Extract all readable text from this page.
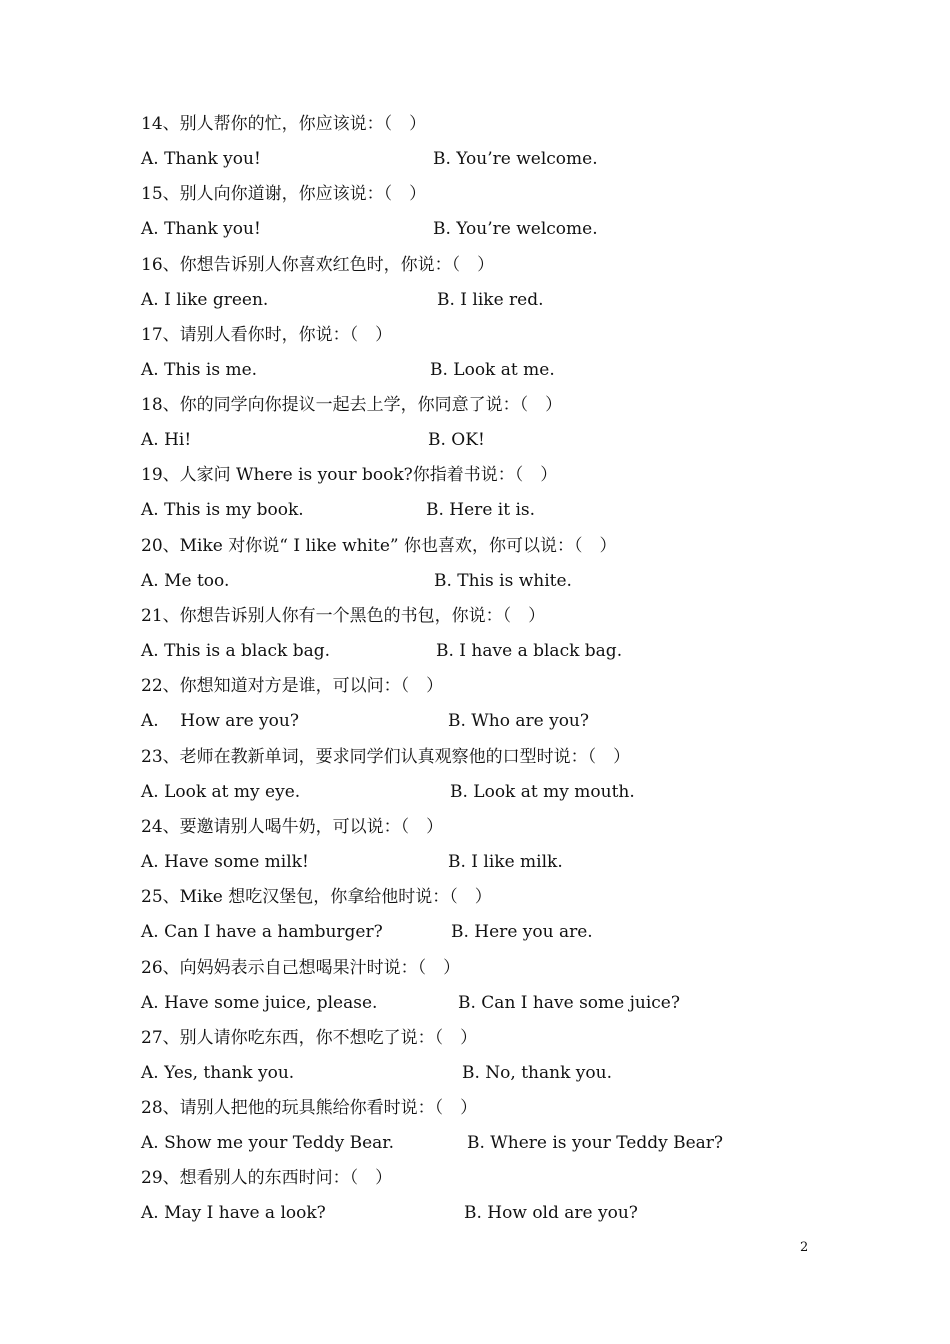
14、别人帮你的忙，你应该说：（　）
A. Thank you!	B. You’re welcome.
15、别人向你道谢，你应该说：（　）
A. Thank you!	B. You’re welcome.
16、你想告诉别人你喜欢红色时，你说：（　）
A. I like green.	B. I like red.
17、请别人看你时，你说：（　）
A. This is me.	B. Look at me.
18、你的同学向你提议一起去上学，你同意了说：（　）
A. Hi!	B. OK!
19、人家问 Where is your book?你指着书说：（　）
A. This is my book.	B. Here it is.
20、Mike 对你说“ I like white” 你也喜欢，你可以说：（　）
A. Me too.	B. This is white.
21、你想告诉别人你有一个黑色的书包，你说：（　）
A. This is a black bag.	B. I have a black bag.
22、你想知道对方是谁，可以问：（　）
A.    How are you?	B. Who are you?
23、老师在教新单词，要求同学们认真观察他的口型时说：（　）
A. Look at my eye.	B. Look at my mouth.
24、要邀请别人喝牛奶，可以说：（　）
A. Have some milk!	B. I like milk.
25、Mike 想吃汉堡包，你拿给他时说：（　）
A. Can I have a hamburger?	B. Here you are.
26、向妈妈表示自己想喝果汁时说：（　）
A. Have some juice, please.	B. Can I have some juice?
27、别人请你吃东西，你不想吃了说：（　）
A. Yes, thank you.	B. No, thank you.
28、请别人把他的玩具熊给你看时说：（　）
A. Show me your Teddy Bear.	B. Where is your Teddy Bear?
29、想看别人的东西时问：（　）
A. May I have a look?	B. How old are you?
2
